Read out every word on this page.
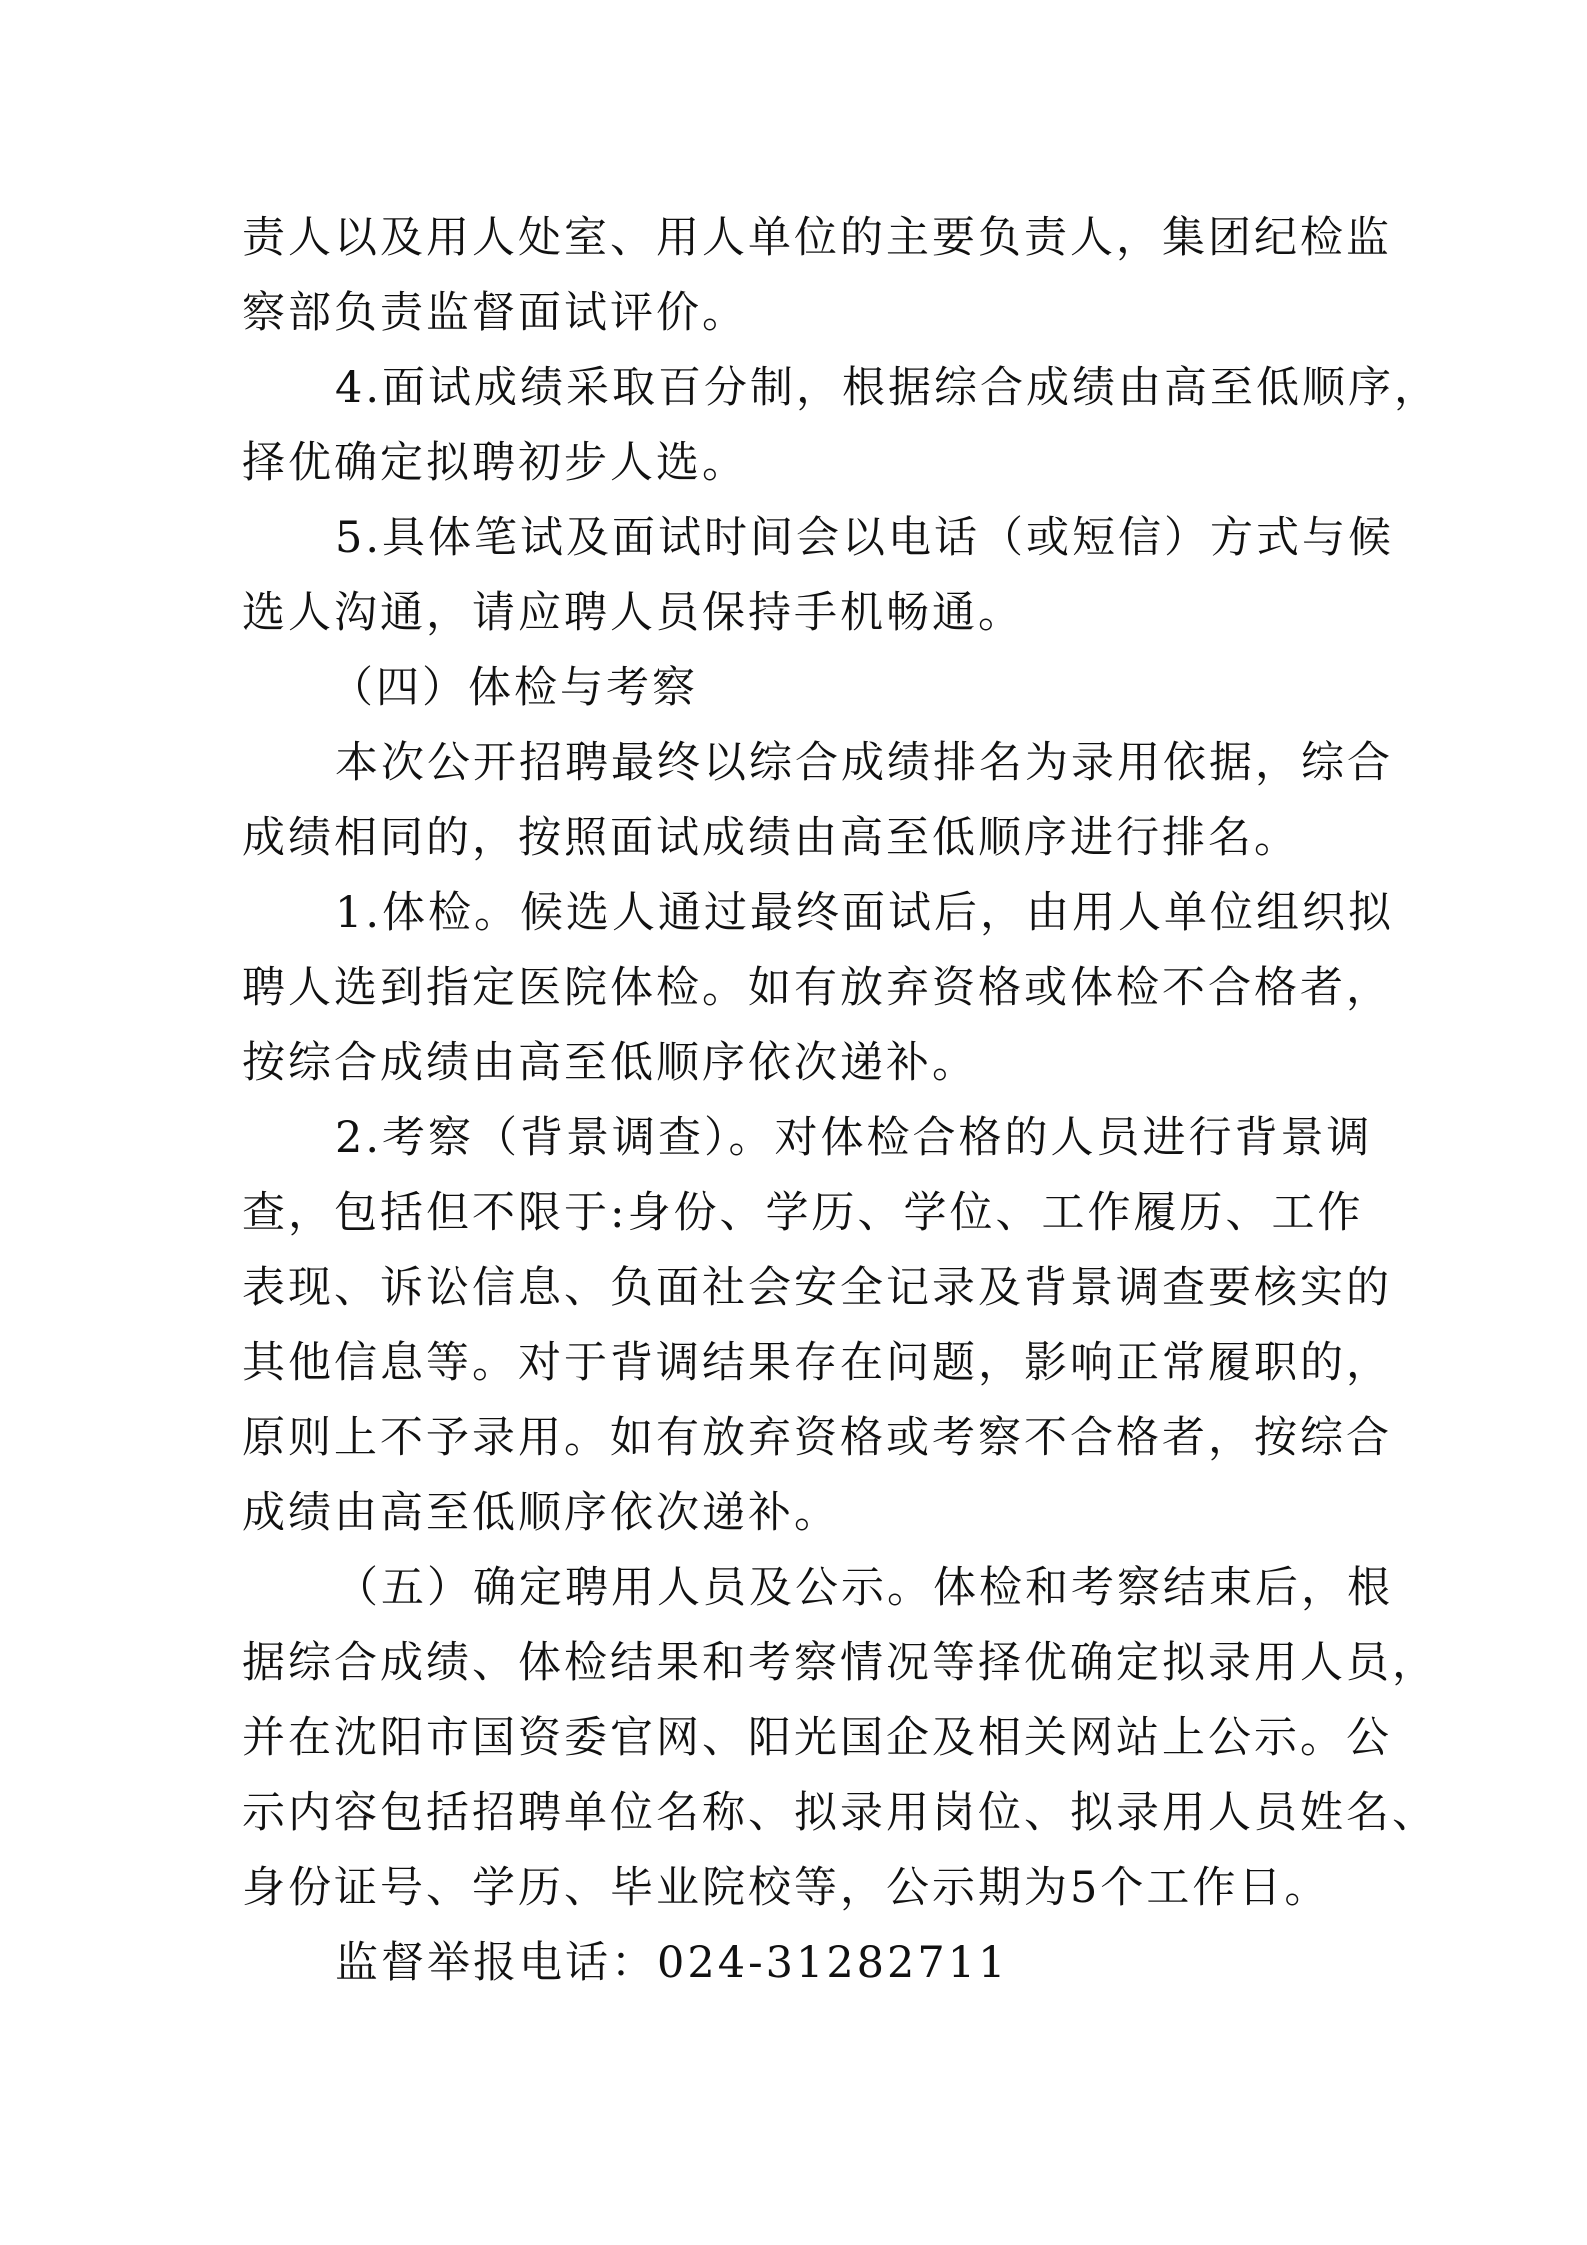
责人以及用人处室、用人单位的主要负责人，集团纪检监
察部负责监督面试评价。
4.面试成绩采取百分制，根据综合成绩由高至低顺序，
择优确定拟聘初步人选。
5.具体笔试及面试时间会以电话（或短信）方式与候
选人沟通，请应聘人员保持手机畅通。
（四）体检与考察
本次公开招聘最终以综合成绩排名为录用依据，综合
成绩相同的，按照面试成绩由高至低顺序进行排名。
1.体检。候选人通过最终面试后，由用人单位组织拟
聘人选到指定医院体检。如有放弃资格或体检不合格者，
按综合成绩由高至低顺序依次递补。
2.考察（背景调查）。对体检合格的人员进行背景调
查，包括但不限于:身份、学历、学位、工作履历、工作
表现、诉讼信息、负面社会安全记录及背景调查要核实的
其他信息等。对于背调结果存在问题，影响正常履职的，
原则上不予录用。如有放弃资格或考察不合格者，按综合
成绩由高至低顺序依次递补。
（五）确定聘用人员及公示。体检和考察结束后，根
据综合成绩、体检结果和考察情况等择优确定拟录用人员，
并在沈阳市国资委官网、阳光国企及相关网站上公示。公
示内容包括招聘单位名称、拟录用岗位、拟录用人员姓名、
身份证号、学历、毕业院校等，公示期为5个工作日。
监督举报电话：024-31282711
